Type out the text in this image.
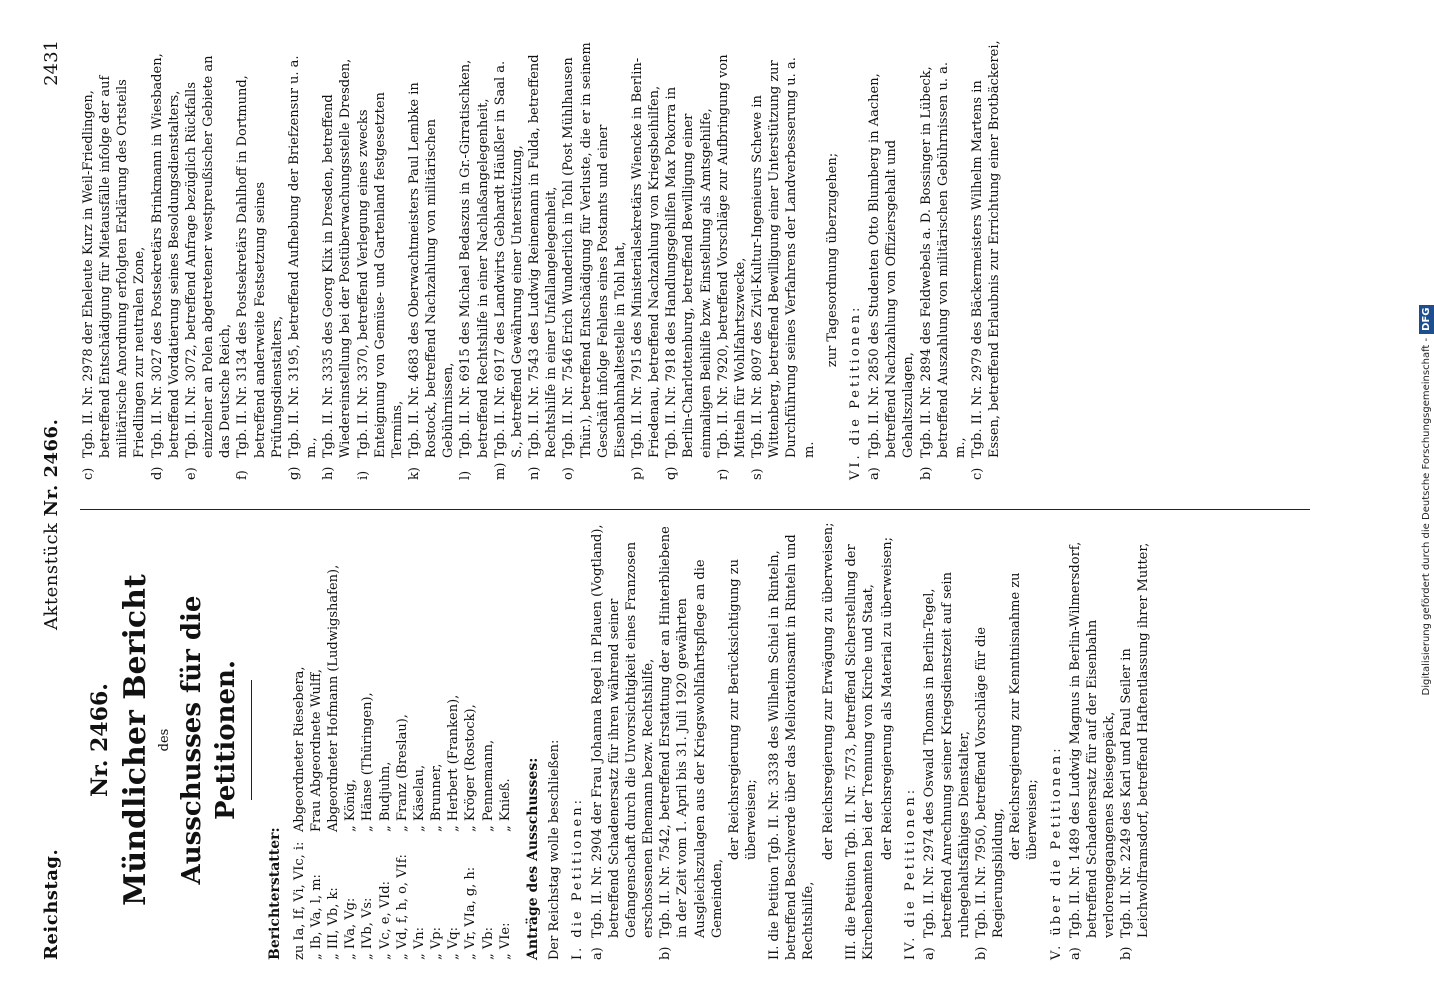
Reichstag.
Aktenstück Nr. 2466.
2431
Nr. 2466. Mündlicher Bericht des Ausschusses für die Petitionen.
Berichterstatter: zu Ia, If, Vi, VIc, i:
Abgeordneter Riesebera,
„ Ib, Va, l, m:
Frau Abgeordnete Wulff,
„ III, Vb, k:
Abgeordneter Hofmann (Ludwigshafen),
„ IVa, Vg:
„ König,
„ IVb, Vs:
„ Hänse (Thüringen),
„ Vc, e, VId:
„ Budjuhn,
„ Vd, f, h, o, VIf:
„ Franz (Breslau),
„ Vn:
„ Käselau,
„ Vp:
„ Brunner,
„ Vq:
„ Herbert (Franken),
„ Vr, VIa, g, h:
„ Kröger (Rostock),
„ Vb:
„ Pennemann,
„ VIe:
„ Knieß. Anträge des Ausschusses: Der Reichstag wolle beschließen: I. die Petitionen: a)
Tgb. II. Nr. 2904 der Frau Johanna Regel in Plauen (Vogtland), betreffend Schadenersatz für ihren während seiner Gefangenschaft durch die Unvorsichtigkeit eines Franzosen erschossenen Ehemann bezw. Rechtshilfe,
b)
Tgb. II. Nr. 7542, betreffend Erstattung der an Hinterbliebene in der Zeit vom 1. April bis 31. Juli 1920 gewährten Ausgleichszulagen aus der Kriegswohlfahrtspflege an die Gemeinden,

der Reichsregierung zur Berücksichtigung zu überweisen; II. die Petition Tgb. II. Nr. 3338 des Wilhelm Schiel in Rinteln, betreffend Beschwerde über das Meliorationsamt in Rinteln und Rechtshilfe,

der Reichsregierung zur Erwägung zu überweisen; III. die Petition Tgb. II. Nr. 7573, betreffend Sicherstellung der Kirchenbeamten bei der Trennung von Kirche und Staat, der Reichsregierung als Material zu überweisen;

IV. die Petitionen: a)
Tgb. II. Nr. 2974 des Oswald Thomas in Berlin-Tegel, betreffend Anrechnung seiner Kriegsdienstzeit auf sein ruhegehaltsfähiges Dienstalter,
b)
Tgb. II. Nr. 7950, betreffend Vorschläge für die Regierungsbildung,

der Reichsregierung zur Kenntnisnahme zu überweisen; V. über die Petitionen: a)
Tgb. II. Nr. 1489 des Ludwig Magnus in Berlin-Wilmersdorf, betreffend Schadenersatz für auf der Eisenbahn verlorengegangenes Reisegepäck,
b)
Tgb. II. Nr. 2249 des Karl und Paul Seiler in Leichwolframsdorf, betreffend Haftentlassung ihrer Mutter,
c)
Tgb. II. Nr. 2978 der Eheleute Kurz in Weil-Friedlingen, betreffend Entschädigung für Mietausfälle infolge der auf militärische Anordnung erfolgten Erklärung des Ortsteils Friedlingen zur neutralen Zone,
d)
Tgb. II. Nr. 3027 des Postsekretärs Brinkmann in Wiesbaden, betreffend Vordatierung seines Besoldungsdienstalters,
e)
Tgb. II. Nr. 3072, betreffend Anfrage bezüglich Rückfalls einzelner an Polen abgetretener westpreußischer Gebiete an das Deutsche Reich,
f)
Tgb. II. Nr. 3134 des Postsekretärs Dahlhoff in Dortmund, betreffend anderweite Festsetzung seines Prüfungsdienstalters,
g)
Tgb. II. Nr. 3195, betreffend Aufhebung der Briefzensur u. a. m.,
h)
Tgb. II. Nr. 3335 des Georg Klix in Dresden, betreffend Wiedereinstellung bei der Postüberwachungsstelle Dresden,
i)
Tgb. II. Nr. 3370, betreffend Verlegung eines zwecks Enteignung von Gemüse- und Gartenland festgesetzten Termins,
k)
Tgb. II. Nr. 4683 des Oberwachtmeisters Paul Lembke in Rostock, betreffend Nachzahlung von militärischen Gebührnissen,
l)
Tgb. II. Nr. 6915 des Michael Bedaszus in Gr.-Girratischken, betreffend Rechtshilfe in einer Nachlaßangelegenheit,
m)
Tgb. II. Nr. 6917 des Landwirts Gebhardt Häußler in Saal a. S., betreffend Gewährung einer Unterstützung,
n)
Tgb. II. Nr. 7543 des Ludwig Reinemann in Fulda, betreffend Rechtshilfe in einer Unfallangelegenheit,
o)
Tgb. II. Nr. 7546 Erich Wunderlich in Tohl (Post Mühlhausen Thür.), betreffend Entschädigung für Verluste, die er in seinem Geschäft infolge Fehlens eines Postamts und einer Eisenbahnhaltestelle in Tohl hat,
p)
Tgb. II. Nr. 7915 des Ministerialsekretärs Wiencke in Berlin-Friedenau, betreffend Nachzahlung von Kriegsbeihilfen,
q)
Tgb. II. Nr. 7918 des Handlungsgehilfen Max Pokorra in Berlin-Charlottenburg, betreffend Bewilligung einer einmaligen Beihilfe bzw. Einstellung als Amtsgehilfe,
r)
Tgb. II. Nr. 7920, betreffend Vorschläge zur Aufbringung von Mitteln für Wohlfahrtszwecke,
s)
Tgb. II. Nr. 8097 des Zivil-Kultur-Ingenieurs Schewe in Wittenberg, betreffend Bewilligung einer Unterstützung zur Durchführung seines Verfahrens der Landverbesserung u. a. m.

zur Tagesordnung überzugehen;

VI. die Petitionen: a)
Tgb. II. Nr. 2850 des Studenten Otto Blumberg in Aachen, betreffend Nachzahlung von Offiziersgehalt und Gehaltszulagen,
b)
Tgb. II. Nr. 2894 des Feldwebels a. D. Bossinger in Lübeck, betreffend Auszahlung von militärischen Gebührnissen u. a. m.,
c)
Tgb. II. Nr. 2979 des Bäckermeisters Wilhelm Martens in Essen, betreffend Erlaubnis zur Errichtung einer Brotbäckerei,
Digitalisierung gefördert durch die Deutsche Forschungsgemeinschaft -DFG
